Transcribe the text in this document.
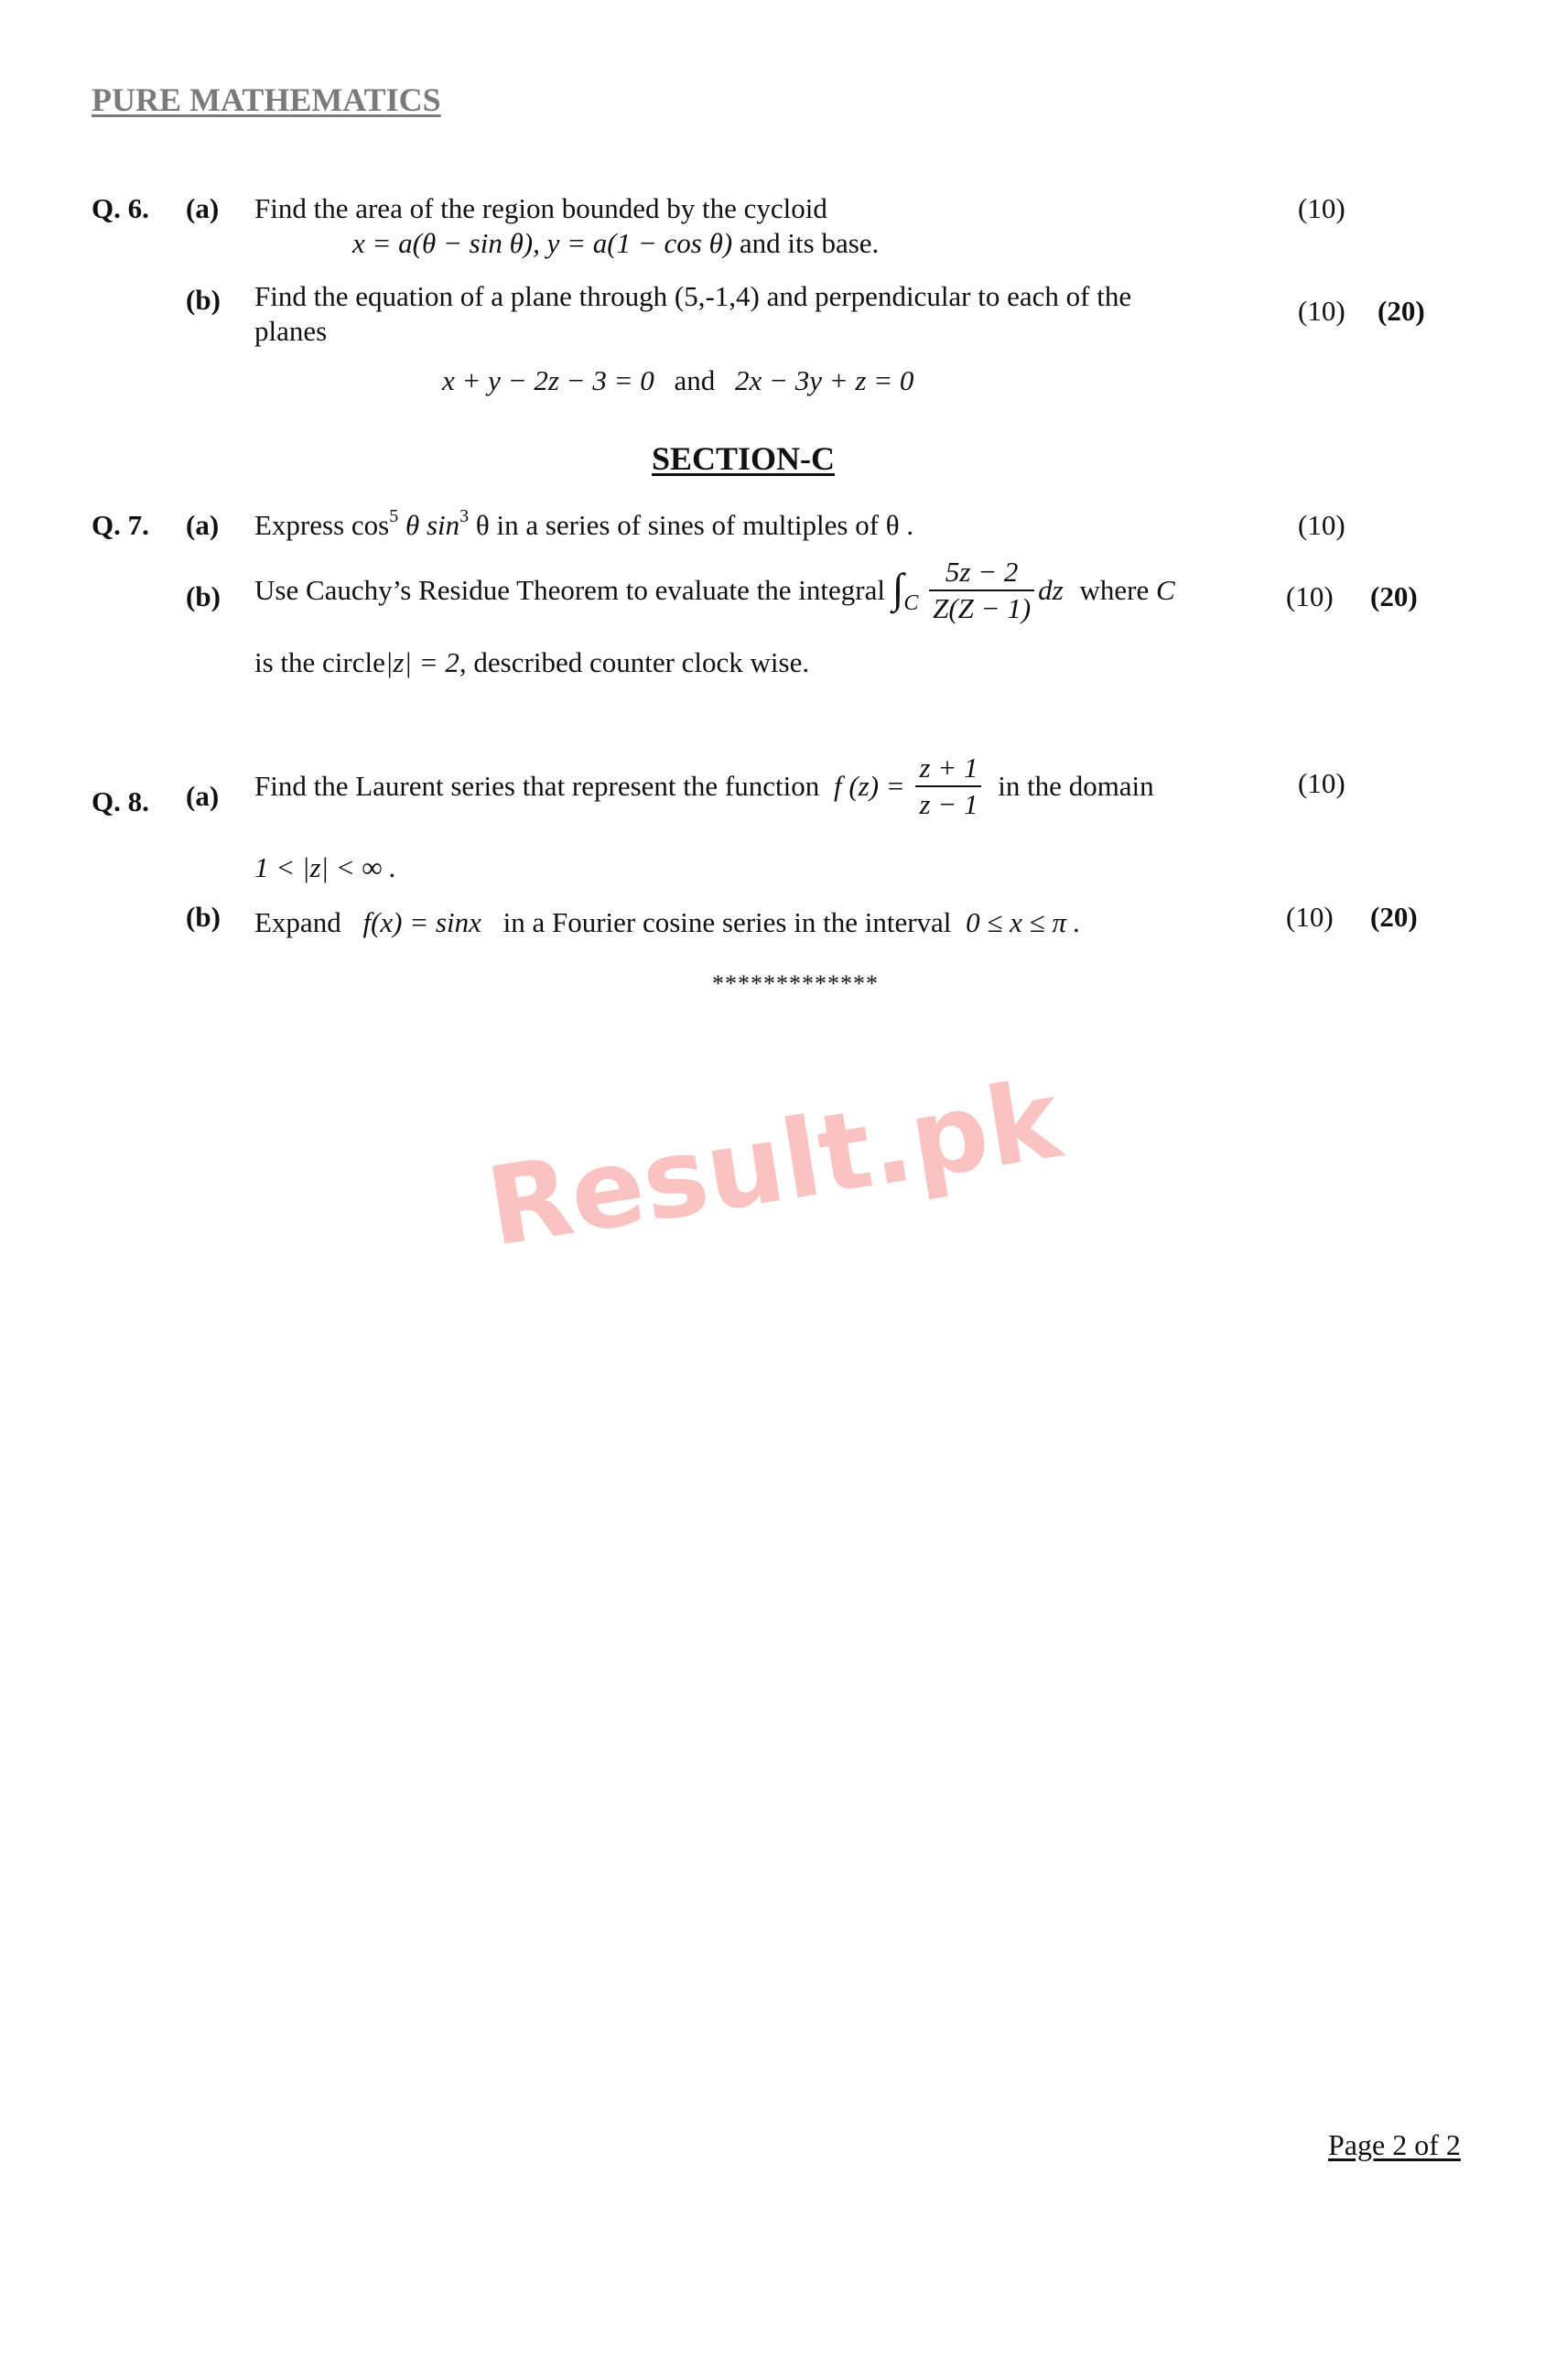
PURE MATHEMATICS
Q. 6. (a) Find the area of the region bounded by the cycloid	(10)
x = a(θ − sin θ), y = a(1 − cos θ) and its base.
(b) Find the equation of a plane through (5,-1,4) and perpendicular to each of the
planes
(10) (20)
x + y − 2z − 3 = 0 and 2x − 3y + z = 0
SECTION-C
Q. 7. (a) Express $\cos^5 \theta$ $\sin^3 \theta$ in a series of sines of multiples of θ .	(10)
(b) Use Cauchy’s Residue Theorem to evaluate the integral $\int_C \frac{5z - 2}{Z(Z - 1)}$ dz where C	(10) (20)
is the circle|z| = 2, described counter clock wise.
Q. 8. (a) Find the Laurent series that represent the function f $(z) = \frac{z + 1}{z - 1}$ in the domain	(10)
1 < |z| < ∞ .
(b) Expand f(x) = sinx in a Fourier cosine series in the interval 0 ≤ x ≤ π .	(10) (20)
*************
Result.pk
Page 2 of 2
